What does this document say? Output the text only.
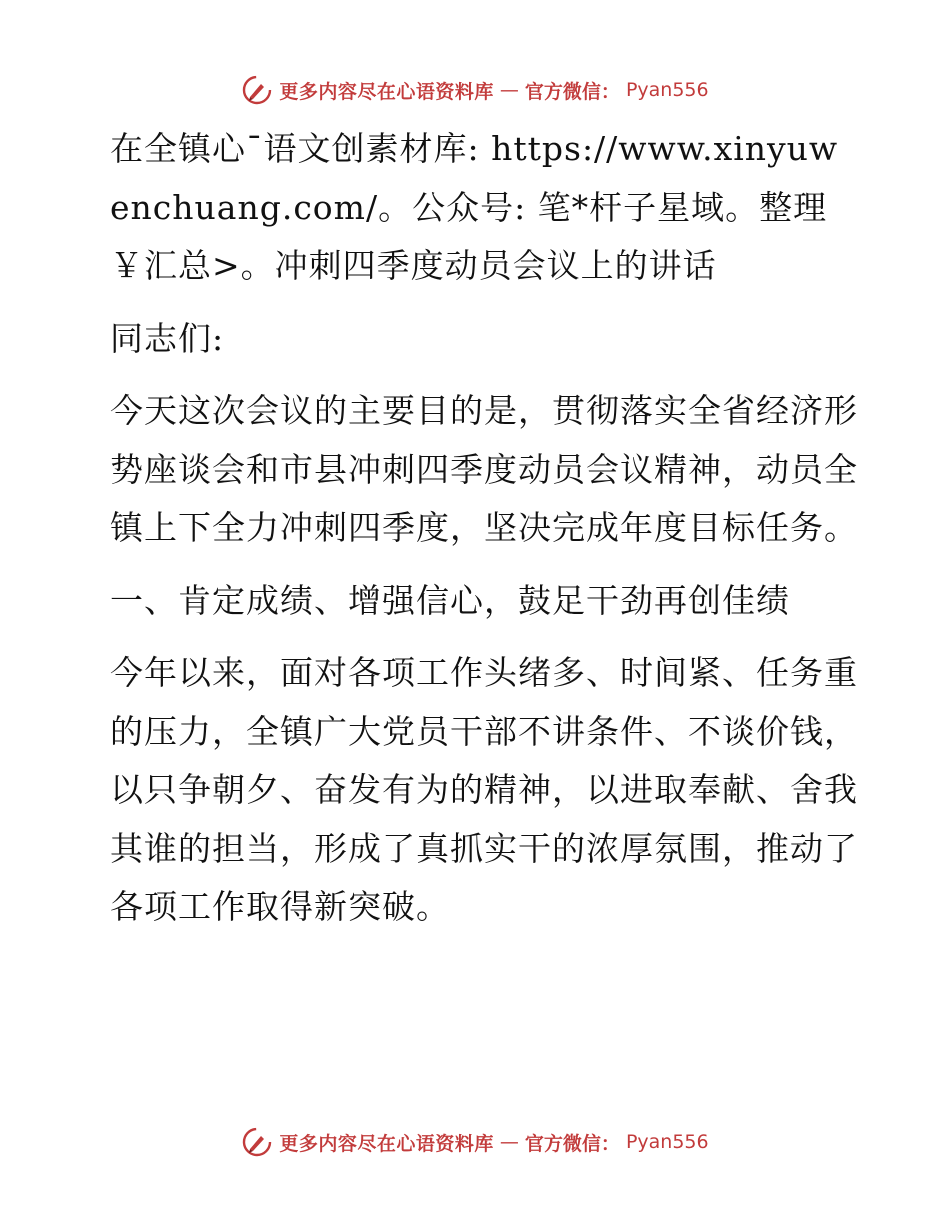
更多内容尽在心语资料库 — 官方微信： Pyan556

在全镇心¯语文创素材库: https://www.xinyuwenchuang.com/。公众号: 笔*杆子星域。整理￥汇总>。冲刺四季度动员会议上的讲话

同志们:

今天这次会议的主要目的是，贯彻落实全省经济形势座谈会和市县冲刺四季度动员会议精神，动员全镇上下全力冲刺四季度，坚决完成年度目标任务。

一、肯定成绩、增强信心，鼓足干劲再创佳绩

今年以来，面对各项工作头绪多、时间紧、任务重的压力，全镇广大党员干部不讲条件、不谈价钱，以只争朝夕、奋发有为的精神，以进取奉献、舍我其谁的担当，形成了真抓实干的浓厚氛围，推动了各项工作取得新突破。

更多内容尽在心语资料库 — 官方微信： Pyan556
